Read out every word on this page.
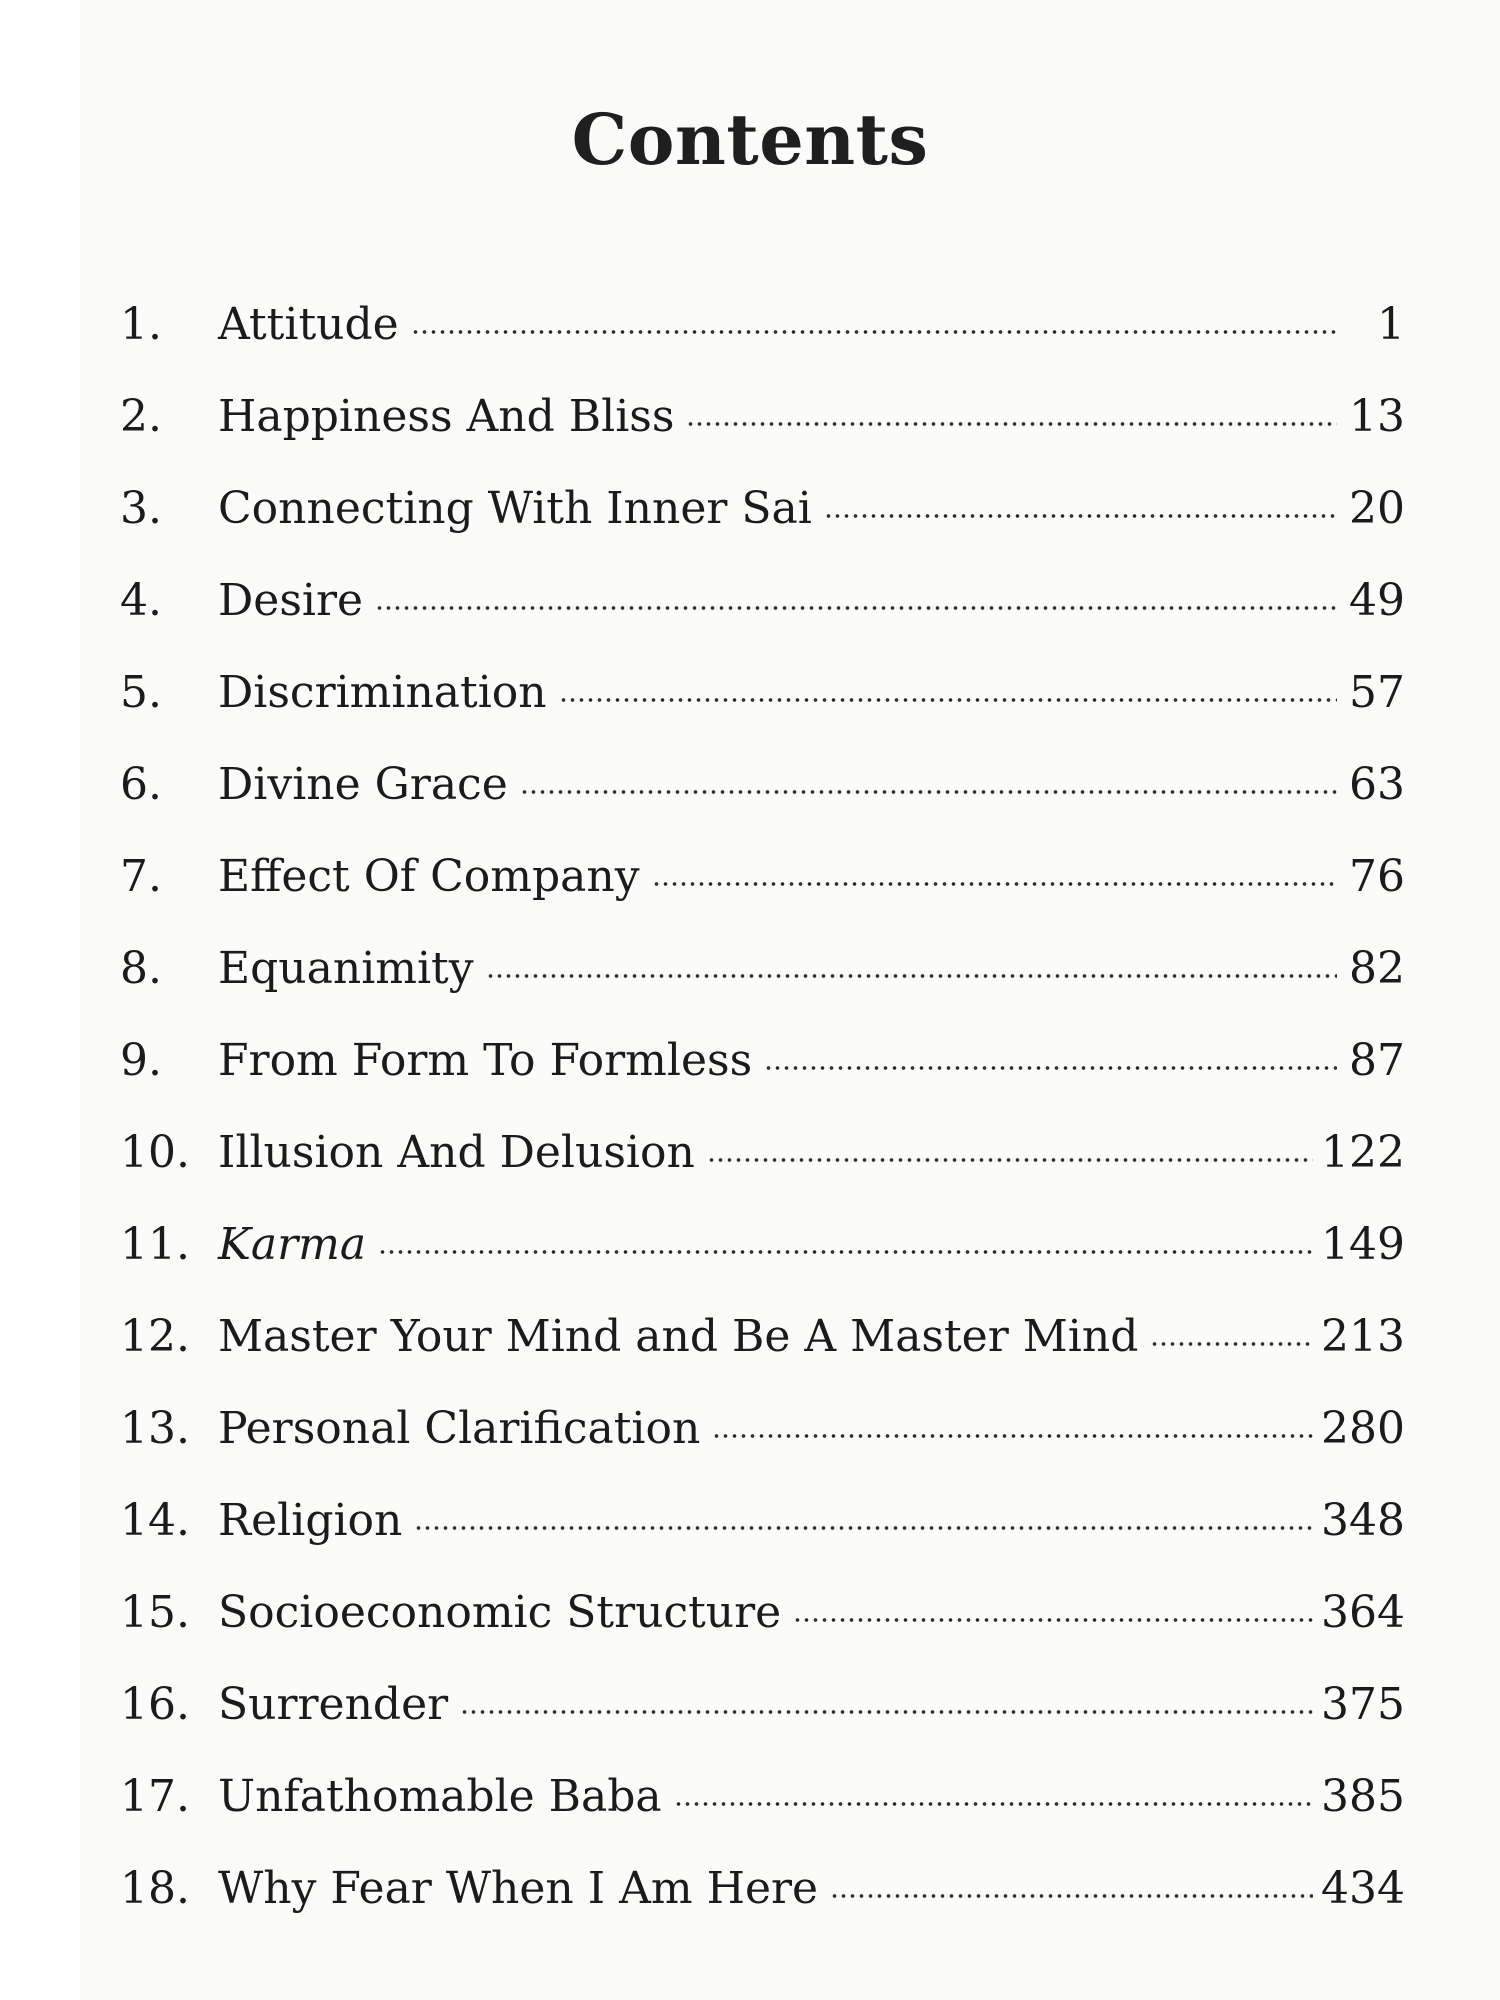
Contents
1.	Attitude	1
2.	Happiness And Bliss	13
3.	Connecting With Inner Sai	20
4.	Desire	49
5.	Discrimination	57
6.	Divine Grace	63
7.	Effect Of Company	76
8.	Equanimity	82
9.	From Form To Formless	87
10. Illusion And Delusion	122
11. Karma	149
12. Master Your Mind and Be A Master Mind	213
13. Personal Clarification	280
14. Religion	348
15. Socioeconomic Structure	364
16. Surrender	375
17. Unfathomable Baba	385
18. Why Fear When I Am Here	434
